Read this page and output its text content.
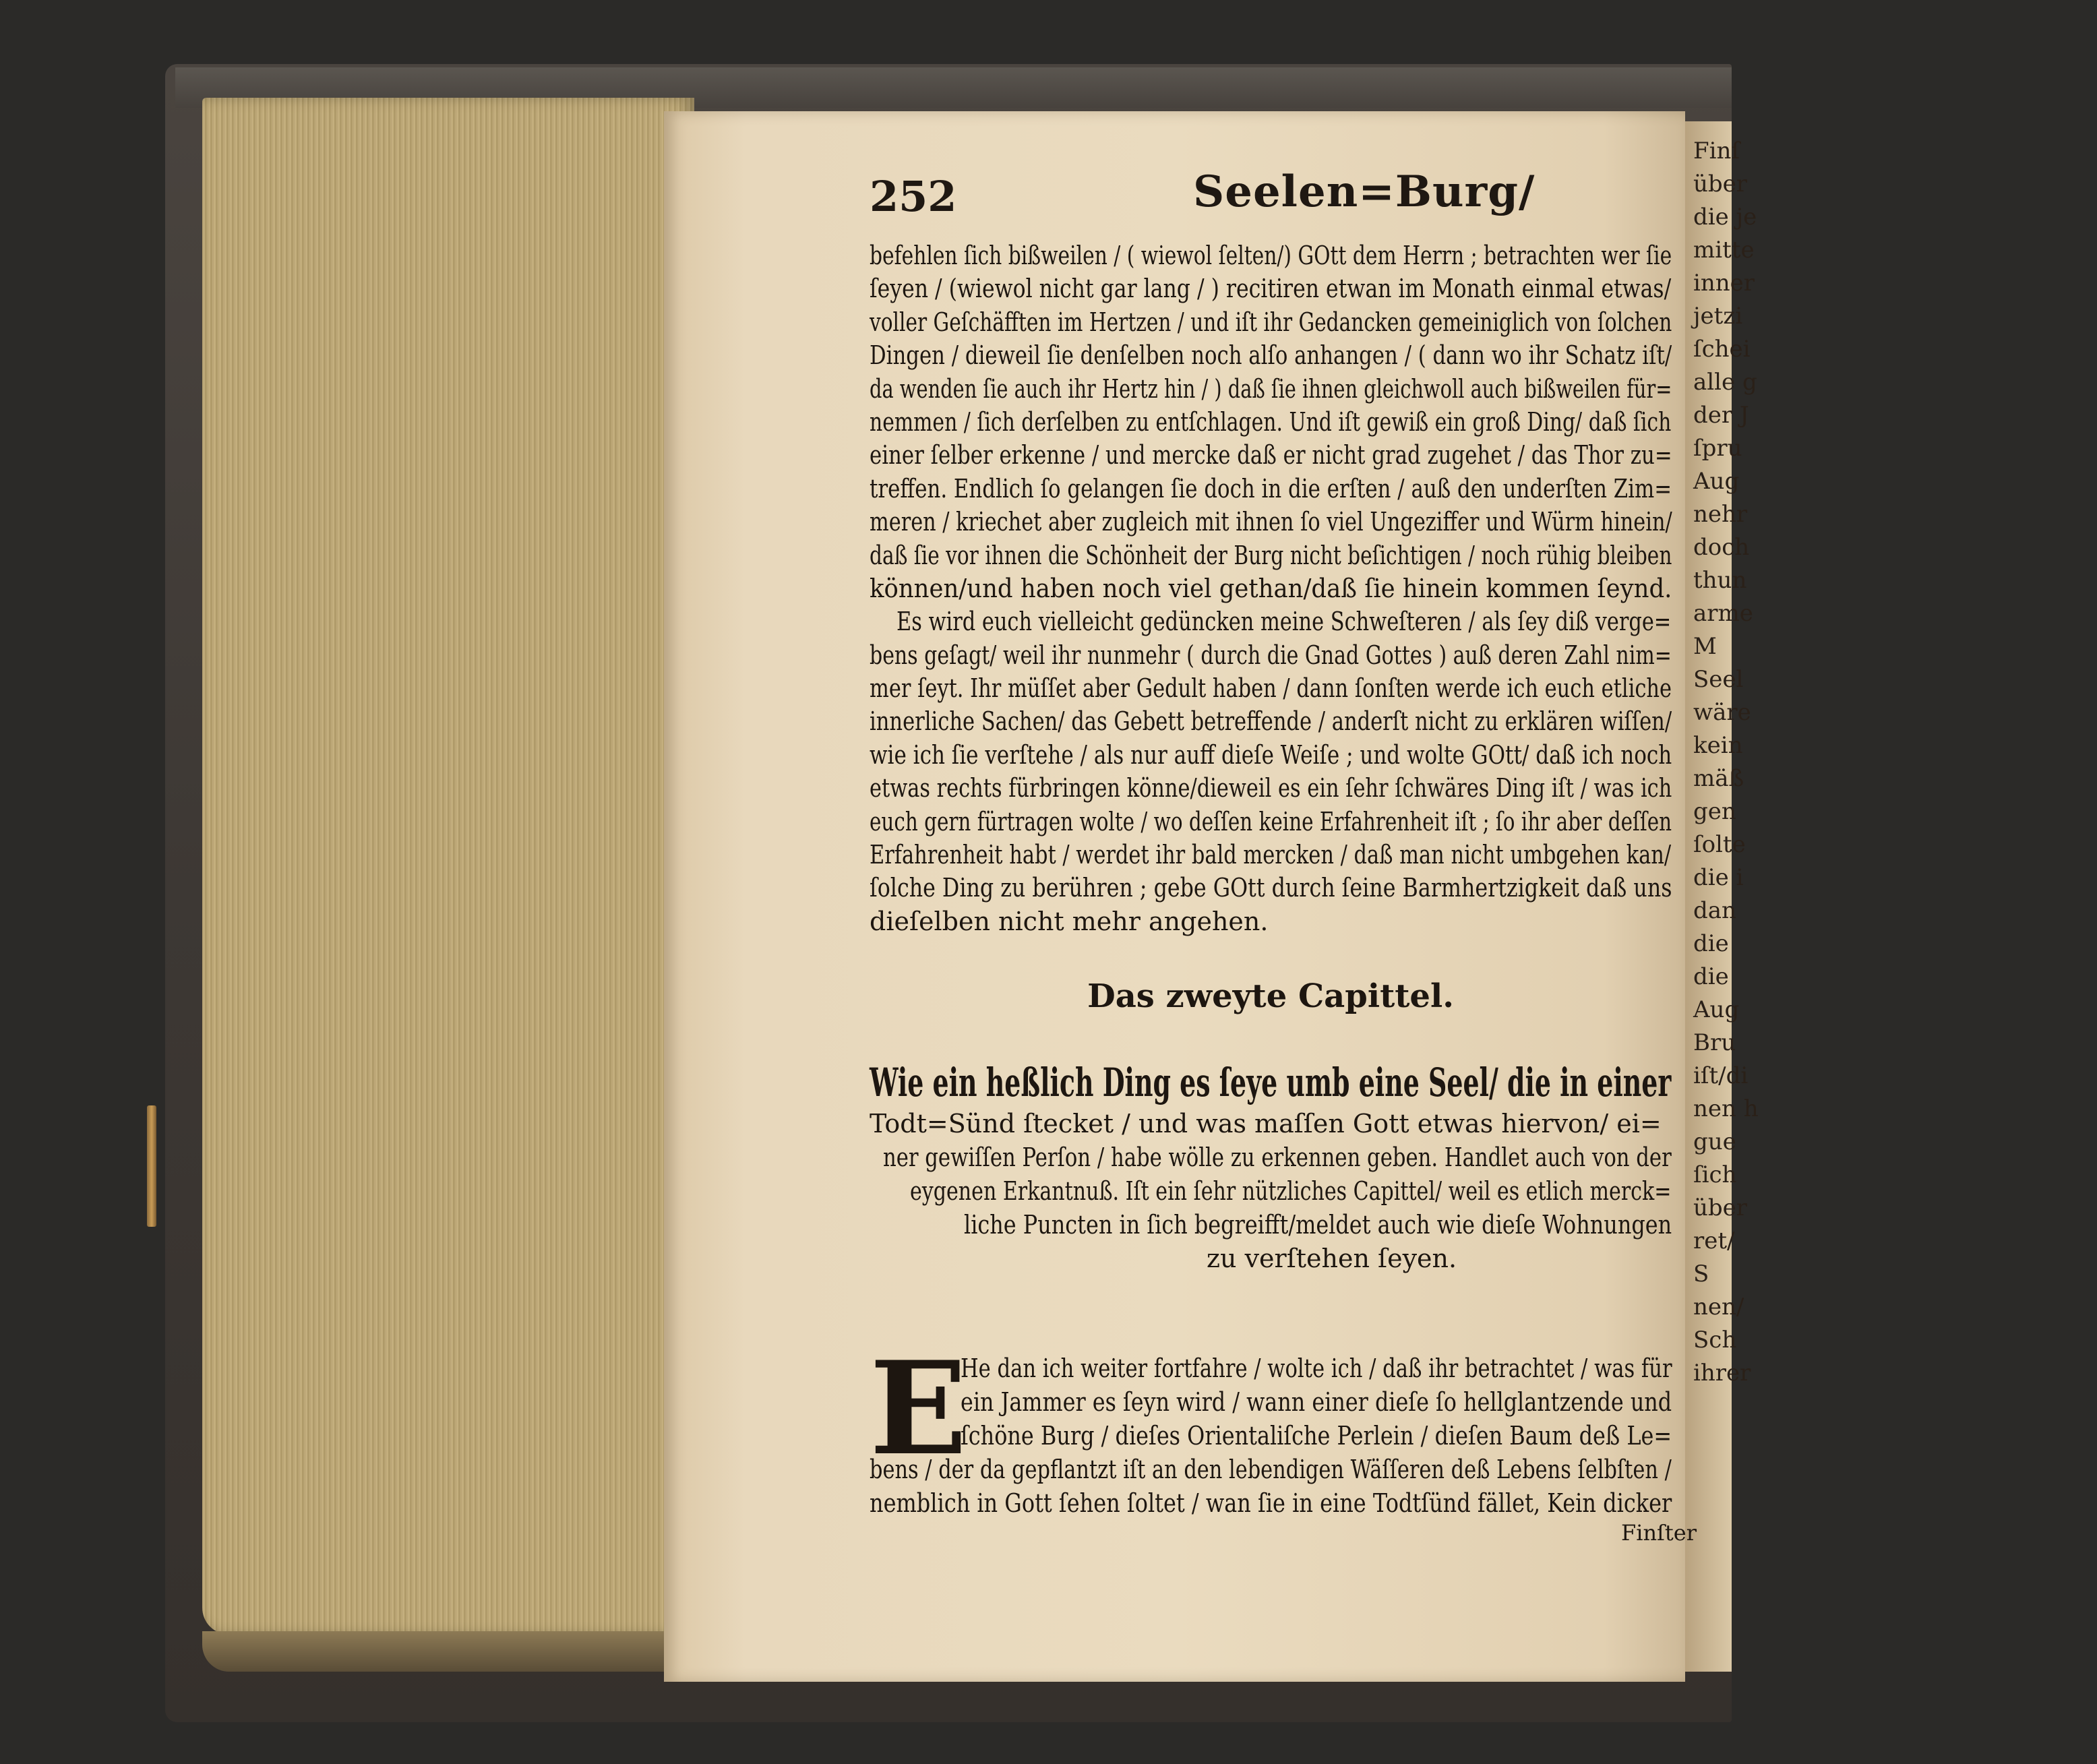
Finſ
über
die je
mitte
inner
jetzi
ſchei
alle g
der J
ſpru
Aug
nehr
doch
thun
arme
M
Seel
wäre
kein
mäß
gen
ſolte
die i
dan
die
die
Aug
Bru
iſt/di
nen h
gue
ſich
über
ret/
S
nen/
Sch
ihrer
252	Seelen=Burg/
befehlen ſich bißweilen / ( wiewol ſelten/) GOtt dem Herrn ; betrachten wer ſie
ſeyen / (wiewol nicht gar lang / ) recitiren etwan im Monath einmal etwas/
voller Geſchäfften im Hertzen / und iſt ihr Gedancken gemeiniglich von ſolchen
Dingen / dieweil ſie denſelben noch alſo anhangen / ( dann wo ihr Schatz iſt/
da wenden ſie auch ihr Hertz hin / ) daß ſie ihnen gleichwoll auch bißweilen für=
nemmen / ſich derſelben zu entſchlagen. Und iſt gewiß ein groß Ding/ daß ſich
einer ſelber erkenne / und mercke daß er nicht grad zugehet / das Thor zu=
treffen. Endlich ſo gelangen ſie doch in die erſten / auß den underſten Zim=
meren / kriechet aber zugleich mit ihnen ſo viel Ungeziffer und Würm hinein/
daß ſie vor ihnen die Schönheit der Burg nicht beſichtigen / noch rühig bleiben
können/und haben noch viel gethan/daß ſie hinein kommen ſeynd.
Es wird euch vielleicht gedüncken meine Schweſteren / als ſey diß verge=
bens geſagt/ weil ihr nunmehr ( durch die Gnad Gottes ) auß deren Zahl nim=
mer ſeyt. Ihr müſſet aber Gedult haben / dann ſonſten werde ich euch etliche
innerliche Sachen/ das Gebett betreffende / anderſt nicht zu erklären wiſſen/
wie ich ſie verſtehe / als nur auff dieſe Weiſe ; und wolte GOtt/ daß ich noch
etwas rechts fürbringen könne/dieweil es ein ſehr ſchwäres Ding iſt / was ich
euch gern fürtragen wolte / wo deſſen keine Erfahrenheit iſt ; ſo ihr aber deſſen
Erfahrenheit habt / werdet ihr bald mercken / daß man nicht umbgehen kan/
ſolche Ding zu berühren ; gebe GOtt durch ſeine Barmhertzigkeit daß uns
dieſelben nicht mehr angehen.
Das zweyte Capittel.
Wie ein heßlich Ding es ſeye umb eine Seel/ die in einer
Todt=Sünd ſtecket / und was maſſen Gott etwas hiervon/ ei=
ner gewiſſen Perſon / habe wölle zu erkennen geben. Handlet auch von der
eygenen Erkantnuß. Iſt ein ſehr nützliches Capittel/ weil es etlich merck=
liche Puncten in ſich begreifft/meldet auch wie dieſe Wohnungen
zu verſtehen ſeyen.
E
He dan ich weiter fortfahre / wolte ich / daß ihr betrachtet / was für
ein Jammer es ſeyn wird / wann einer dieſe ſo hellglantzende und
ſchöne Burg / dieſes Orientaliſche Perlein / dieſen Baum deß Le=
bens / der da gepflantzt iſt an den lebendigen Wäſſeren deß Lebens ſelbſten /
nemblich in Gott ſehen ſoltet / wan ſie in eine Todtſünd fället, Kein dicker
Finſter
